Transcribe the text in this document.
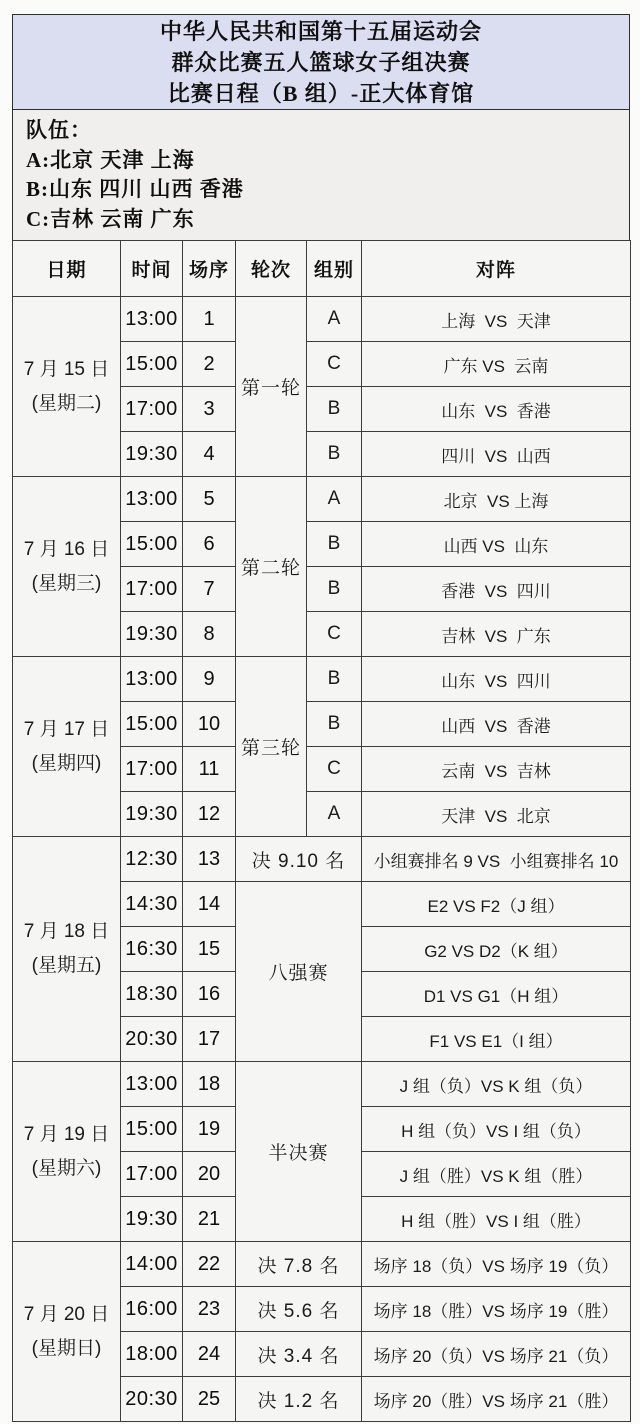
中华人民共和国第十五届运动会
群众比赛五人篮球女子组决赛
比赛日程（B 组）-正大体育馆
队伍：
A:北京 天津 上海
B:山东 四川 山西 香港
C:吉林 云南 广东
日期	时间	场序	轮次	组别	对阵

7 月 15 日
(星期二)	13:00	1	第一轮	A	上海  VS  天津
	15:00	2		C	广东 VS  云南
	17:00	3		B	山东  VS  香港
	19:30	4		B	四川  VS  山西

7 月 16 日
(星期三)	13:00	5	第二轮	A	北京  VS 上海
	15:00	6		B	山西 VS  山东
	17:00	7		B	香港  VS  四川
	19:30	8		C	吉林  VS  广东

7 月 17 日
(星期四)	13:00	9	第三轮	B	山东  VS  四川
	15:00	10		B	山西  VS  香港
	17:00	11		C	云南  VS  吉林
	19:30	12		A	天津  VS  北京

7 月 18 日
(星期五)	12:30	13	决 9.10 名		小组赛排名 9 VS  小组赛排名 10
	14:30	14	八强赛		E2 VS F2（J 组）
	16:30	15			G2 VS D2（K 组）
	18:30	16			D1 VS G1（H 组）
	20:30	17			F1 VS E1（I 组）

7 月 19 日
(星期六)	13:00	18	半决赛		J 组（负）VS K 组（负）
	15:00	19			H 组（负）VS I 组（负）
	17:00	20			J 组（胜）VS K 组（胜）
	19:30	21			H 组（胜）VS I 组（胜）

7 月 20 日
(星期日)	14:00	22	决 7.8 名		场序 18（负）VS 场序 19（负）
	16:00	23	决 5.6 名		场序 18（胜）VS 场序 19（胜）
	18:00	24	决 3.4 名		场序 20（负）VS 场序 21（负）
	20:30	25	决 1.2 名		场序 20（胜）VS 场序 21（胜）
